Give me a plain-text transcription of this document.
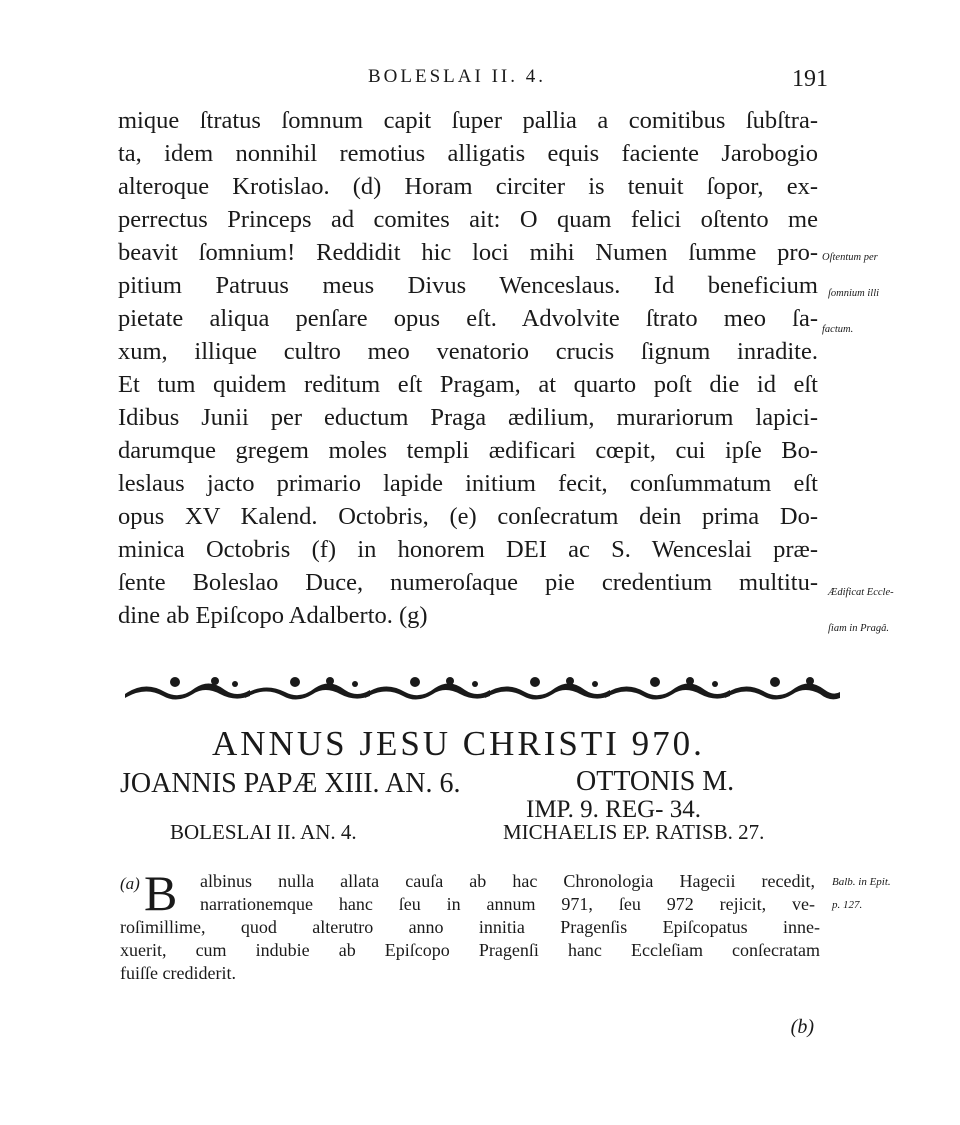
BOLESLAI II. 4.	191
mique ſtratus ſomnum capit ſuper pallia a comitibus ſubſtra-
ta, idem nonnihil remotius alligatis equis faciente Jarobogio
alteroque Krotislao. (d) Horam circiter is tenuit ſopor, ex-
perrectus Princeps ad comites ait: O quam felici oſtento me
beavit ſomnium! Reddidit hic loci mihi Numen ſumme pro-
pitium Patruus meus Divus Wenceslaus. Id beneficium
pietate aliqua penſare opus eſt. Advolvite ſtrato meo ſa-
xum, illique cultro meo venatorio crucis ſignum inradite.
Et tum quidem reditum eſt Pragam, at quarto poſt die id eſt
Idibus Junii per eductum Praga ædilium, murariorum lapici-
darumque gregem moles templi ædificari cœpit, cui ipſe Bo-
leslaus jacto primario lapide initium fecit, conſummatum eſt
opus XV Kalend. Octobris, (e) conſecratum dein prima Do-
minica Octobris (f) in honorem DEI ac S. Wenceslai præ-
ſente Boleslao Duce, numeroſaque pie credentium multitu-
dine ab Epiſcopo Adalberto. (g)

Oſtentum per

ſomnium illi

factum.

Ædificat Eccle-

ſiam in Pragâ.

ANNUS JESU CHRISTI 970.
JOANNIS PAPÆ XIII. AN. 6.	OTTONIS M.
IMP. 9. REG- 34.
BOLESLAI II. AN. 4.	MICHAELIS EP. RATISB. 27.
(a) B albinus nulla allata cauſa ab hac Chronologia Hagecii recedit,
narrationemque hanc ſeu in annum 971, ſeu 972 rejicit, ve-
roſimillime, quod alterutro anno innitia Pragenſis Epiſcopatus inne-
xuerit, cum indubie ab Epiſcopo Pragenſi hanc Eccleſiam conſecratam
fuiſſe crediderit.
Balb. in Epit.
p. 127.
(b)
